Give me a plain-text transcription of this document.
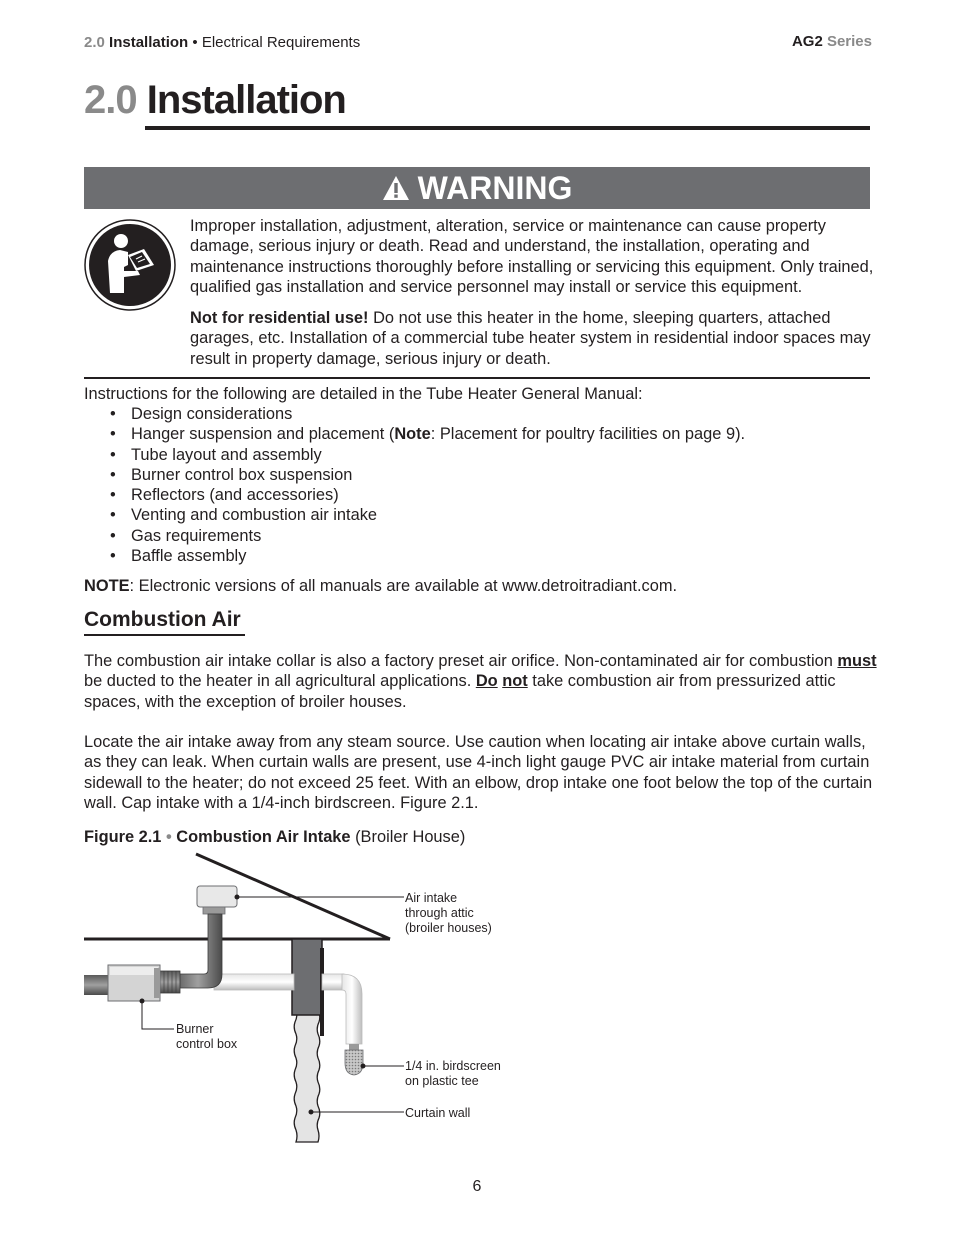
2.0 Installation • Electrical Requirements	AG2 Series
2.0 Installation
WARNING

Improper installation, adjustment, alteration, service or maintenance can cause property damage, serious injury or death. Read and understand, the installation, operating and maintenance instructions thoroughly before installing or servicing this equipment. Only trained, qualified gas installation and service personnel may install or service this equipment.

Not for residential use! Do not use this heater in the home, sleeping quarters, attached garages, etc. Installation of a commercial tube heater system in residential indoor spaces may result in property damage, serious injury or death.

Instructions for the following are detailed in the Tube Heater General Manual:
• Design considerations
• Hanger suspension and placement (Note: Placement for poultry facilities on page 9).
• Tube layout and assembly
• Burner control box suspension
• Reflectors (and accessories)
• Venting and combustion air intake
• Gas requirements
• Baffle assembly
NOTE: Electronic versions of all manuals are available at www.detroitradiant.com.
Combustion Air
The combustion air intake collar is also a factory preset air orifice. Non-contaminated air for combustion must be ducted to the heater in all agricultural applications. Do not take combustion air from pressurized attic spaces, with the exception of broiler houses.
Locate the air intake away from any steam source. Use caution when locating air intake above curtain walls, as they can leak. When curtain walls are present, use 4-inch light gauge PVC air intake material from curtain sidewall to the heater; do not exceed 25 feet. With an elbow, drop intake one foot below the top of the curtain wall. Cap intake with a 1/4-inch birdscreen. Figure 2.1.
Figure 2.1 • Combustion Air Intake (Broiler House)
Air intake
through attic
(broiler houses)
Burner
control box
1/4 in. birdscreen
on plastic tee
Curtain wall
6
